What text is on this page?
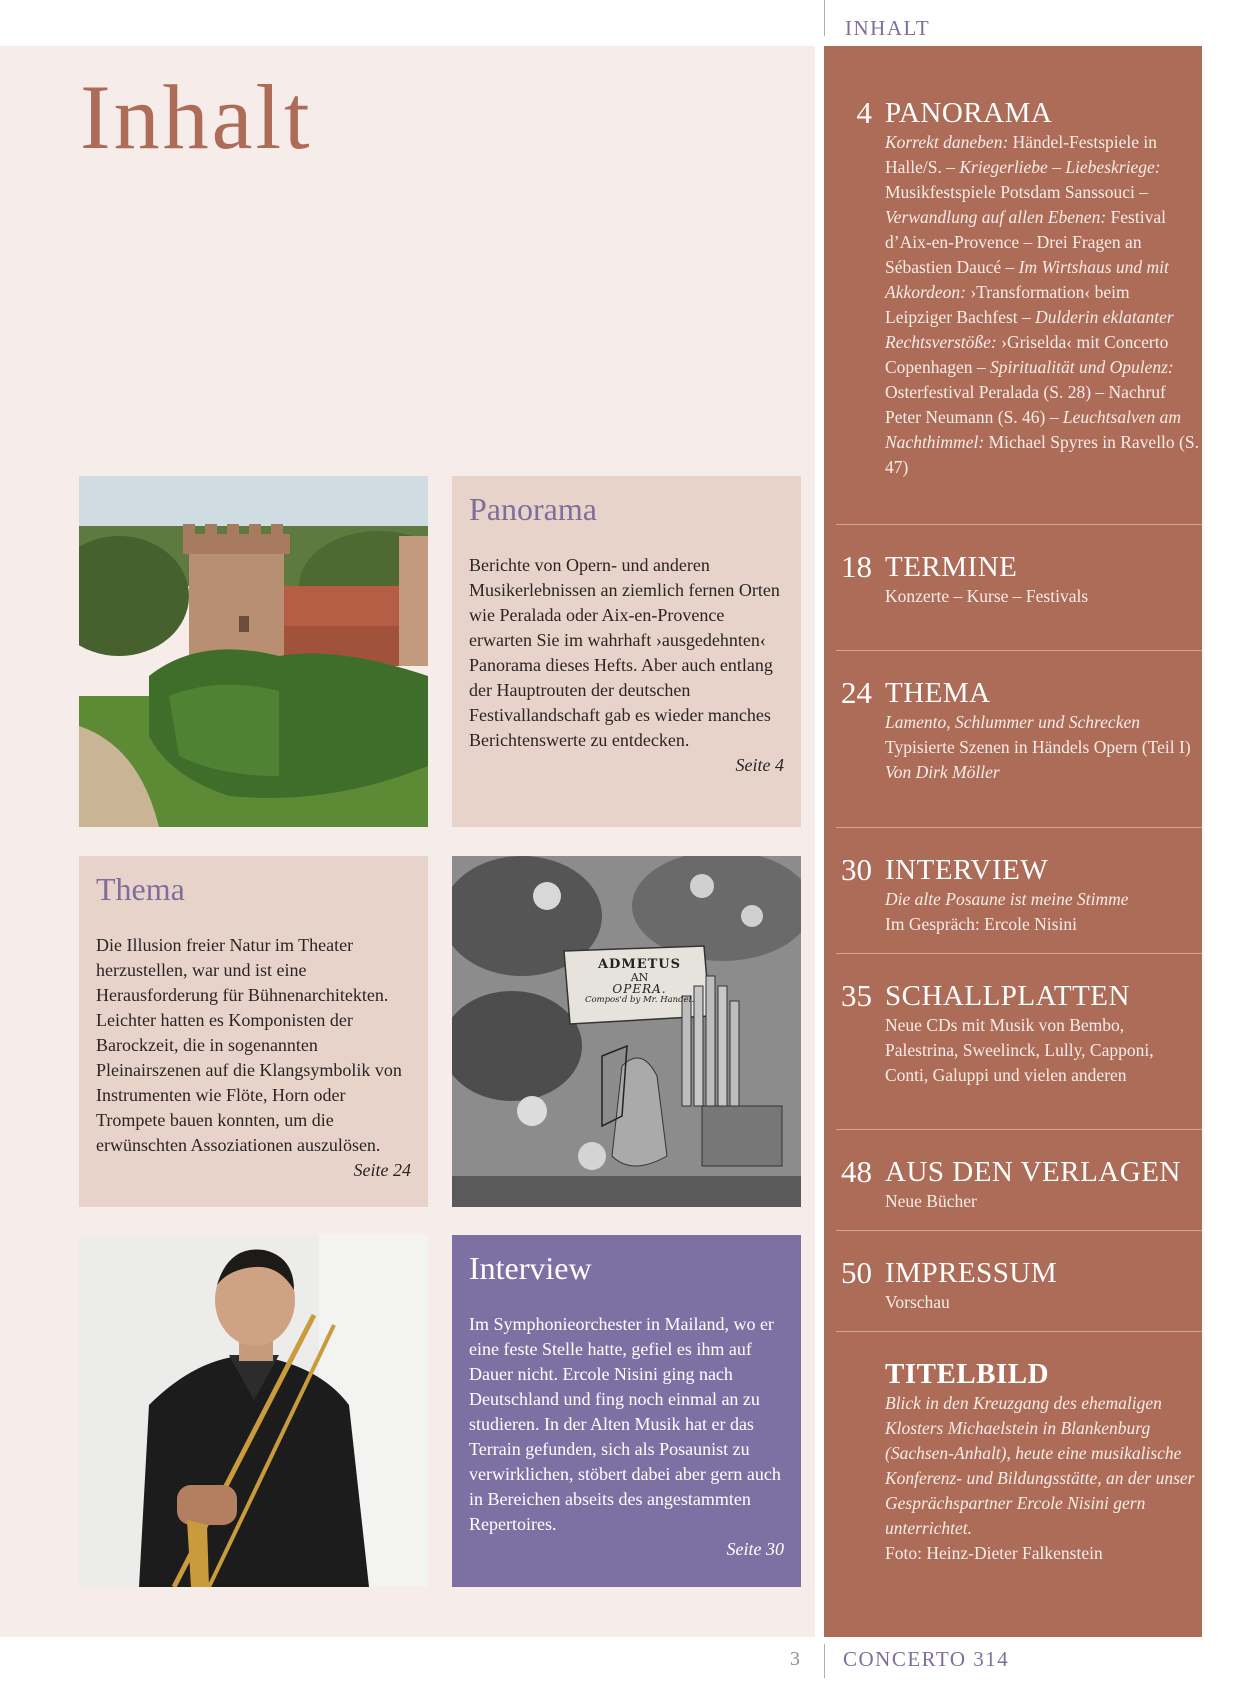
INHALT
Inhalt
Panorama

Berichte von Opern- und anderen Musikerlebnissen an ziemlich fernen Orten wie Peralada oder Aix-en-Provence erwarten Sie im wahrhaft ›ausgedehnten‹ Panorama dieses Hefts. Aber auch entlang der Hauptrouten der deutschen Festivallandschaft gab es wieder manches Berichtenswerte zu entdecken.

Seite 4
Thema

Die Illusion freier Natur im Theater herzustellen, war und ist eine Herausforderung für Bühnenarchitekten. Leichter hatten es Komponisten der Barockzeit, die in sogenannten Pleinairszenen auf die Klangsymbolik von Instrumenten wie Flöte, Horn oder Trompete bauen konnten, um die erwünschten Assoziationen auszulösen.

Seite 24
ADMETUS
AN
OPERA.
Compos'd by Mr. Handel.
Interview

Im Symphonieorchester in Mailand, wo er eine feste Stelle hatte, gefiel es ihm auf Dauer nicht. Ercole Nisini ging nach Deutschland und fing noch einmal an zu studieren. In der Alten Musik hat er das Terrain gefunden, sich als Posaunist zu verwirklichen, stöbert dabei aber gern auch in Bereichen abseits des angestammten Repertoires.

Seite 30
4 PANORAMA
Korrekt daneben: Händel-Festspiele in Halle/S. – Kriegerliebe – Liebeskriege: Musikfestspiele Potsdam Sanssouci – Verwandlung auf allen Ebenen: Festival d’Aix-en-Provence – Drei Fragen an Sébastien Daucé – Im Wirtshaus und mit Akkordeon: ›Transformation‹ beim Leipziger Bachfest – Dulderin eklatanter Rechtsverstöße: ›Griselda‹ mit Concerto Copenhagen – Spiritualität und Opulenz: Osterfestival Peralada (S. 28) – Nachruf Peter Neumann (S. 46) – Leuchtsalven am Nachthimmel: Michael Spyres in Ravello (S. 47)
18 TERMINE
Konzerte – Kurse – Festivals
24 THEMA
Lamento, Schlummer und Schrecken
Typisierte Szenen in Händels Opern (Teil I)
Von Dirk Möller
30 INTERVIEW
Die alte Posaune ist meine Stimme
Im Gespräch: Ercole Nisini
35 SCHALLPLATTEN
Neue CDs mit Musik von Bembo, Palestrina, Sweelinck, Lully, Capponi, Conti, Galuppi und vielen anderen
48 AUS DEN VERLAGEN
Neue Bücher
50 IMPRESSUM
Vorschau
TITELBILD
Blick in den Kreuzgang des ehemaligen Klosters Michaelstein in Blankenburg (Sachsen-Anhalt), heute eine musikalische Konferenz- und Bildungsstätte, an der unser Gesprächspartner Ercole Nisini gern unterrichtet.
Foto: Heinz-Dieter Falkenstein
3 CONCERTO 314
